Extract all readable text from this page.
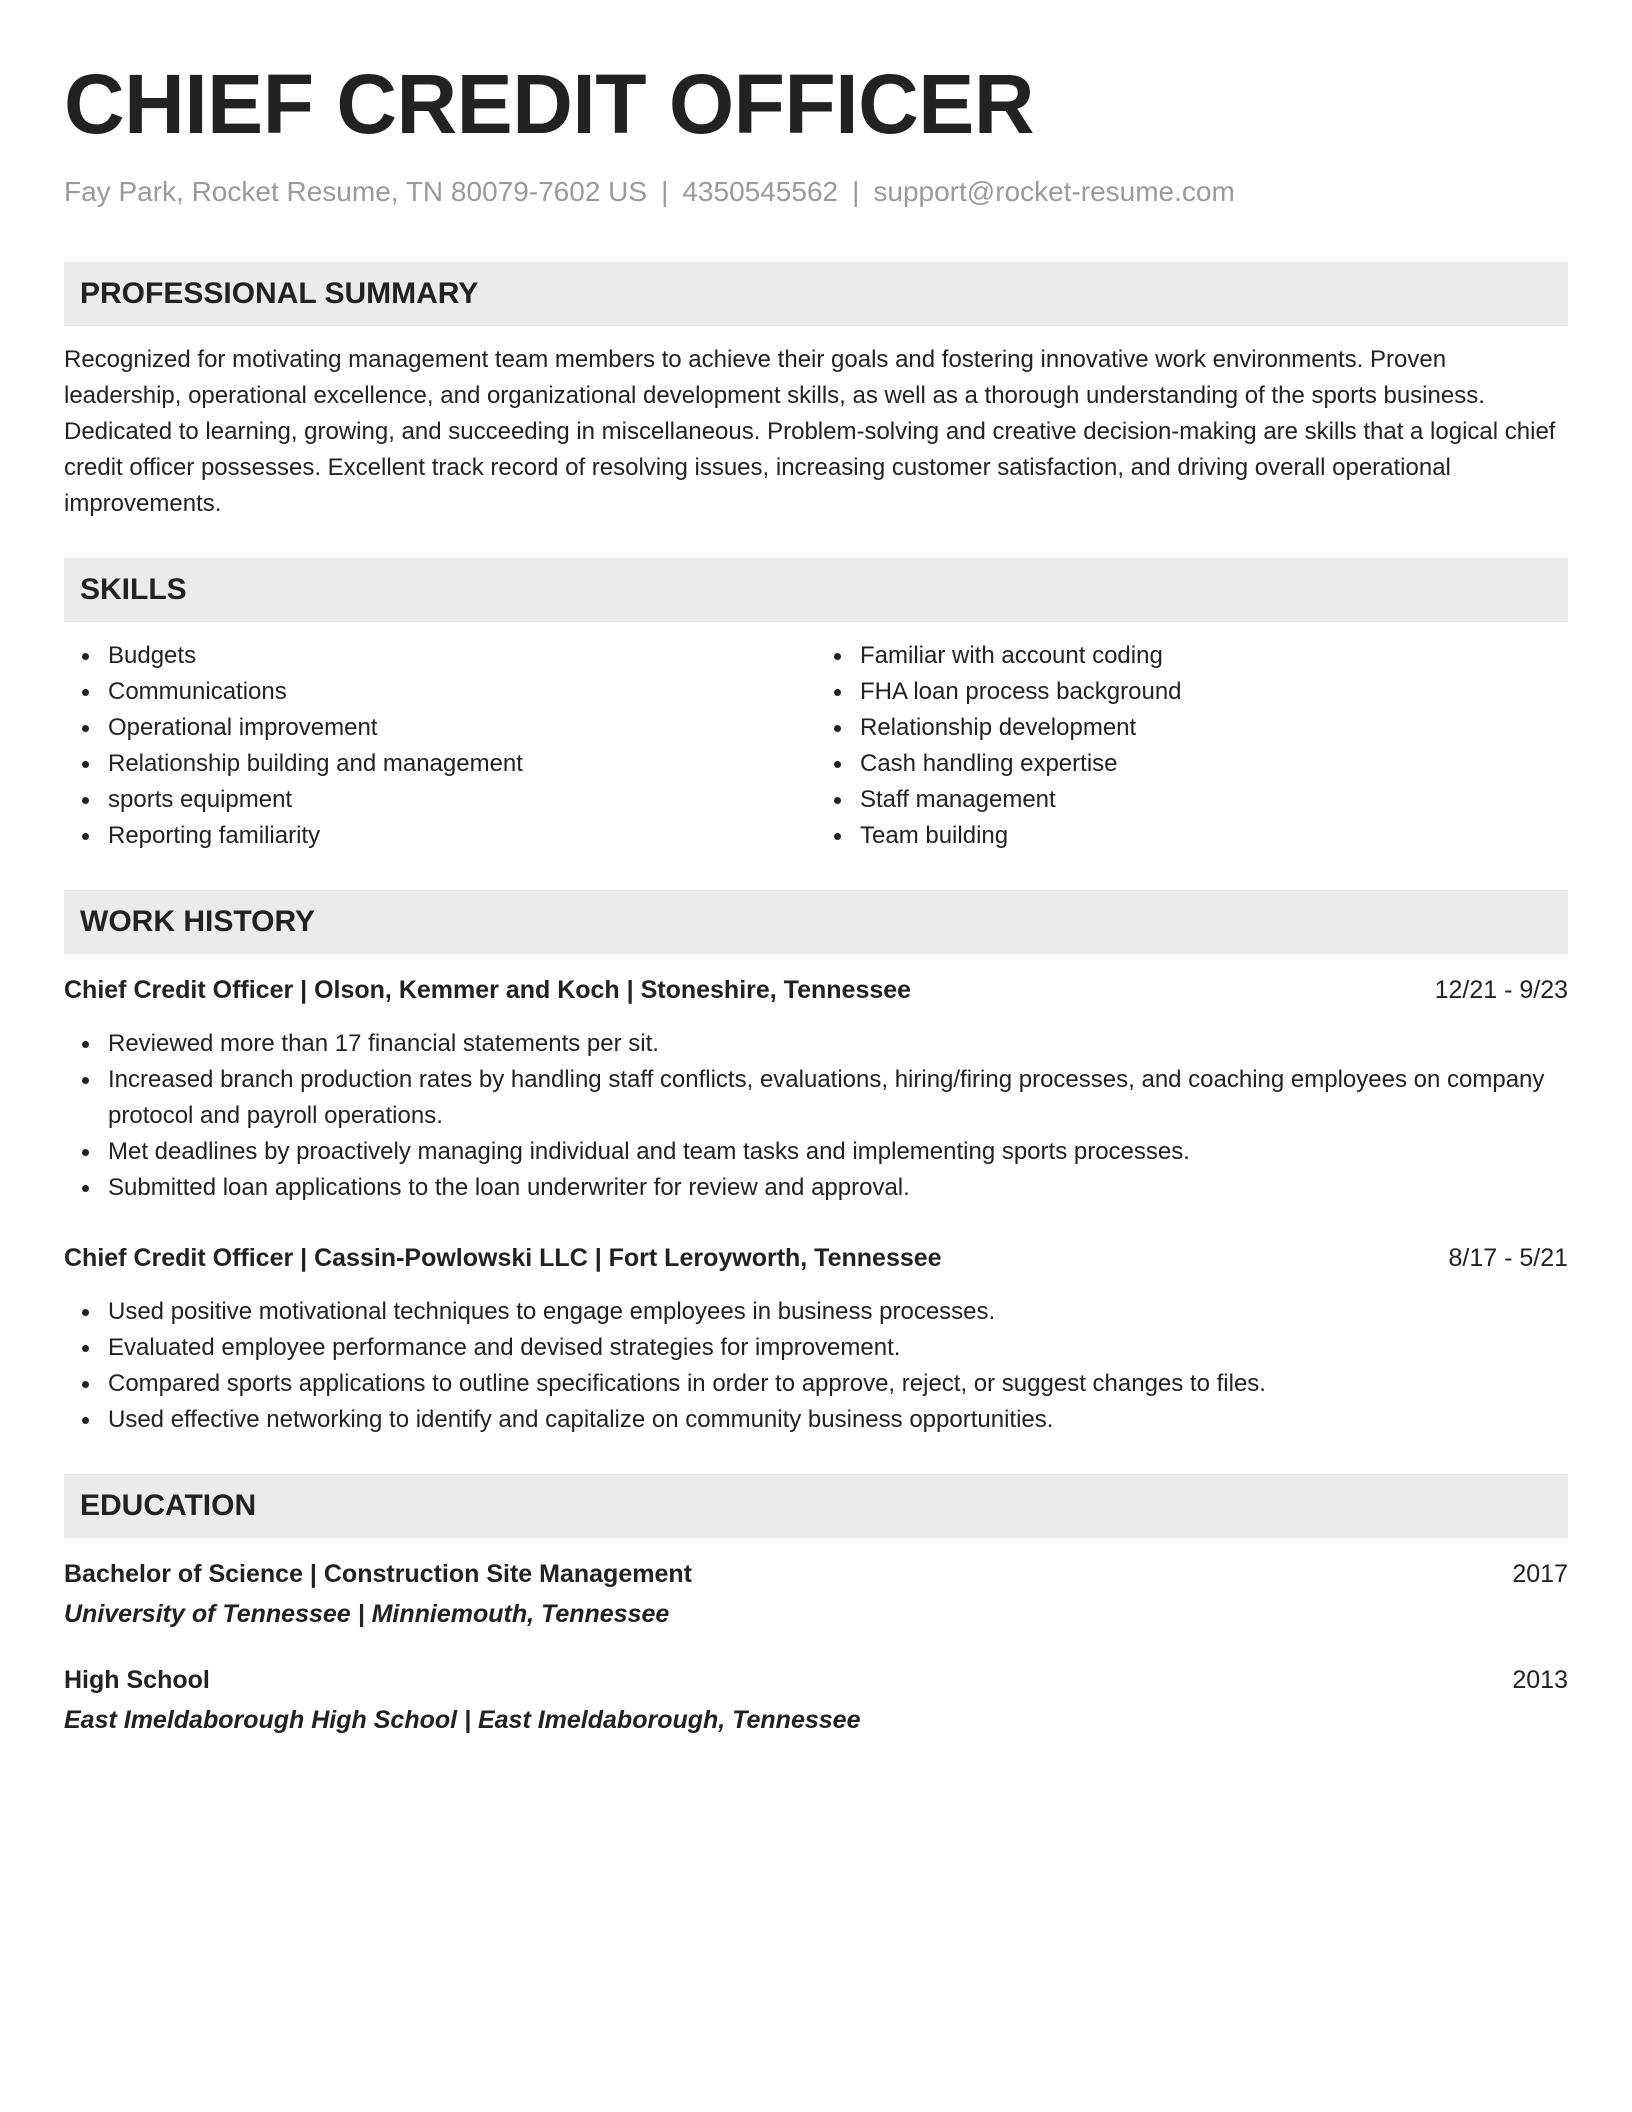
CHIEF CREDIT OFFICER
Fay Park, Rocket Resume, TN 80079-7602 US | 4350545562 | support@rocket-resume.com
PROFESSIONAL SUMMARY

Recognized for motivating management team members to achieve their goals and fostering innovative work environments. Proven leadership, operational excellence, and organizational development skills, as well as a thorough understanding of the sports business. Dedicated to learning, growing, and succeeding in miscellaneous. Problem-solving and creative decision-making are skills that a logical chief credit officer possesses. Excellent track record of resolving issues, increasing customer satisfaction, and driving overall operational improvements.

SKILLS
Budgets
Communications
Operational improvement
Relationship building and management
sports equipment
Reporting familiarity
Familiar with account coding
FHA loan process background
Relationship development
Cash handling expertise
Staff management
Team building
WORK HISTORY
Chief Credit Officer | Olson, Kemmer and Koch | Stoneshire, Tennessee	12/21 - 9/23
Reviewed more than 17 financial statements per sit.
Increased branch production rates by handling staff conflicts, evaluations, hiring/firing processes, and coaching employees on company protocol and payroll operations.
Met deadlines by proactively managing individual and team tasks and implementing sports processes.
Submitted loan applications to the loan underwriter for review and approval.
Chief Credit Officer | Cassin-Powlowski LLC | Fort Leroyworth, Tennessee	8/17 - 5/21
Used positive motivational techniques to engage employees in business processes.
Evaluated employee performance and devised strategies for improvement.
Compared sports applications to outline specifications in order to approve, reject, or suggest changes to files.
Used effective networking to identify and capitalize on community business opportunities.
EDUCATION
Bachelor of Science | Construction Site Management	2017
University of Tennessee | Minniemouth, Tennessee
High School	2013
East Imeldaborough High School | East Imeldaborough, Tennessee
